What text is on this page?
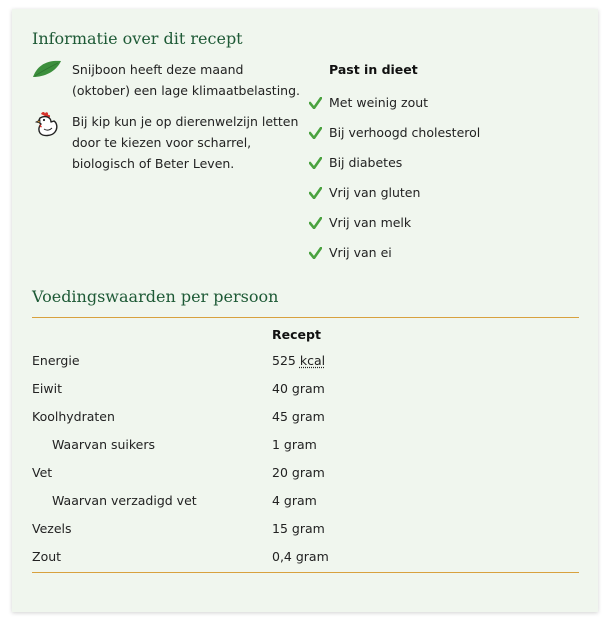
Informatie over dit recept
Snijboon heeft deze maand (oktober) een lage klimaatbelasting.
Bij kip kun je op dierenwelzijn letten door te kiezen voor scharrel, biologisch of Beter Leven.
Past in dieet
Met weinig zout
Bij verhoogd cholesterol
Bij diabetes
Vrij van gluten
Vrij van melk
Vrij van ei
Voedingswaarden per persoon
Recept
Energie	525 kcal
Eiwit	40 gram
Koolhydraten	45 gram
Waarvan suikers	1 gram
Vet	20 gram
Waarvan verzadigd vet	4 gram
Vezels	15 gram
Zout	0,4 gram
